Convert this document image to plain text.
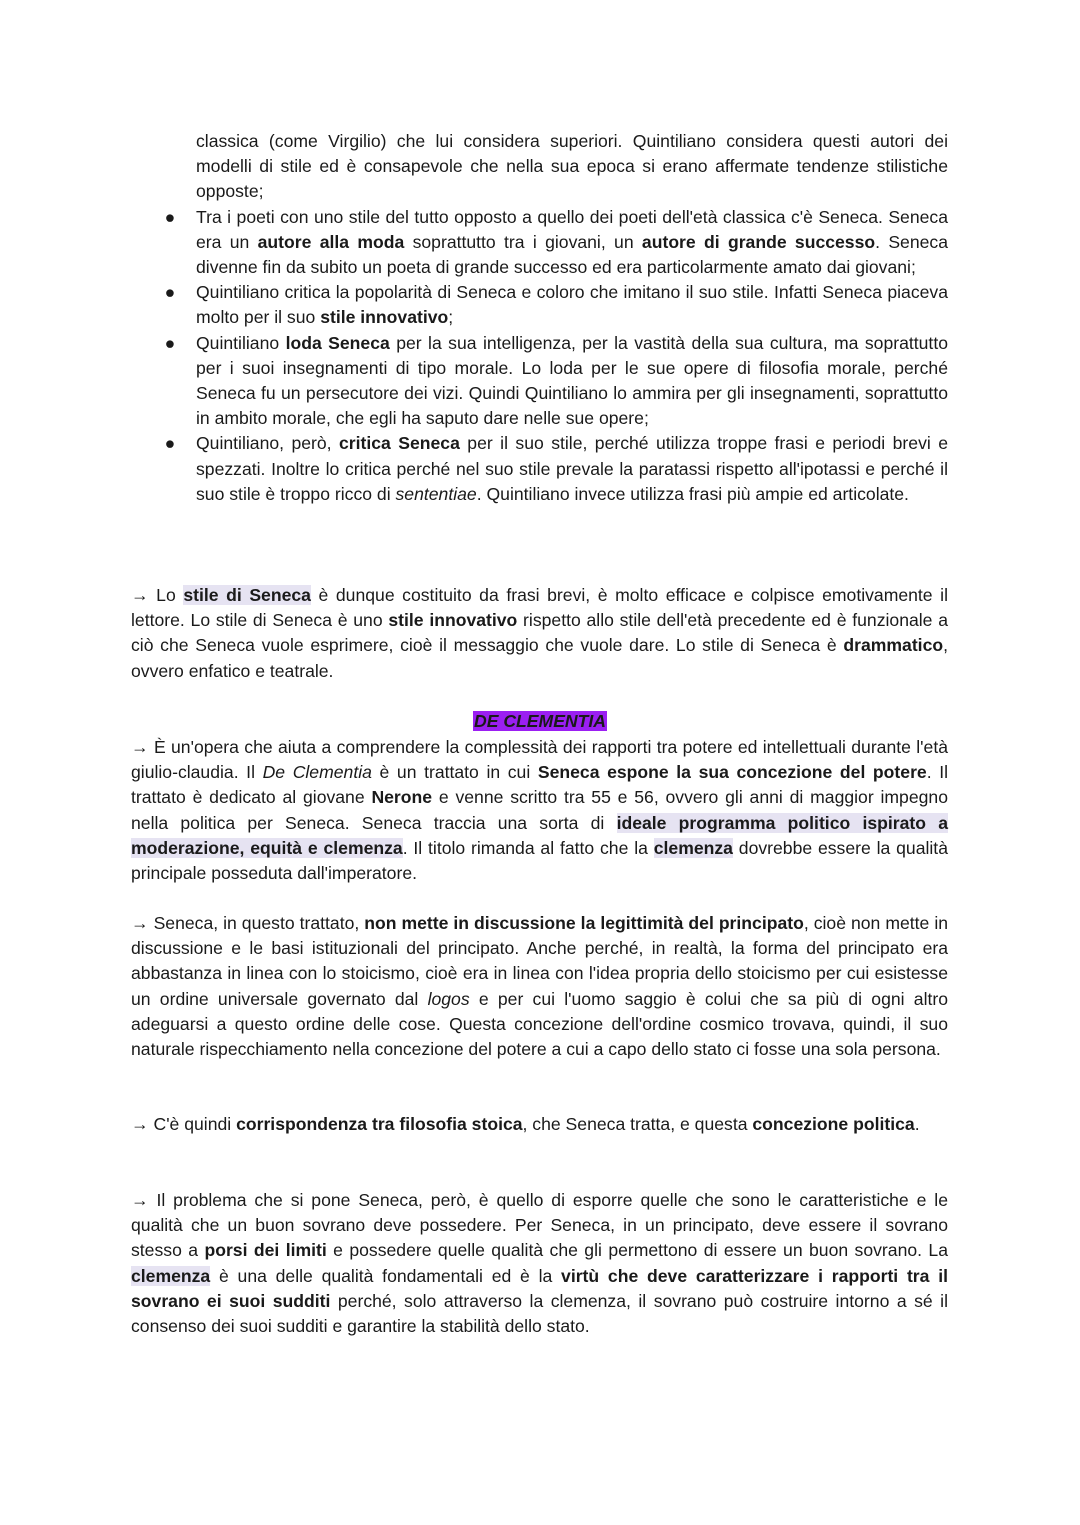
classica (come Virgilio) che lui considera superiori. Quintiliano considera questi autori dei modelli di stile ed è consapevole che nella sua epoca si erano affermate tendenze stilistiche opposte;
● Tra i poeti con uno stile del tutto opposto a quello dei poeti dell'età classica c'è Seneca. Seneca era un autore alla moda soprattutto tra i giovani, un autore di grande successo. Seneca divenne fin da subito un poeta di grande successo ed era particolarmente amato dai giovani;
● Quintiliano critica la popolarità di Seneca e coloro che imitano il suo stile. Infatti Seneca piaceva molto per il suo stile innovativo;
● Quintiliano loda Seneca per la sua intelligenza, per la vastità della sua cultura, ma soprattutto per i suoi insegnamenti di tipo morale. Lo loda per le sue opere di filosofia morale, perché Seneca fu un persecutore dei vizi. Quindi Quintiliano lo ammira per gli insegnamenti, soprattutto in ambito morale, che egli ha saputo dare nelle sue opere;
● Quintiliano, però, critica Seneca per il suo stile, perché utilizza troppe frasi e periodi brevi e spezzati. Inoltre lo critica perché nel suo stile prevale la paratassi rispetto all'ipotassi e perché il suo stile è troppo ricco di sententiae. Quintiliano invece utilizza frasi più ampie ed articolate.

→ Lo stile di Seneca è dunque costituito da frasi brevi, è molto efficace e colpisce emotivamente il lettore. Lo stile di Seneca è uno stile innovativo rispetto allo stile dell'età precedente ed è funzionale a ciò che Seneca vuole esprimere, cioè il messaggio che vuole dare. Lo stile di Seneca è drammatico, ovvero enfatico e teatrale.

DE CLEMENTIA

→ È un'opera che aiuta a comprendere la complessità dei rapporti tra potere ed intellettuali durante l'età giulio-claudia. Il De Clementia è un trattato in cui Seneca espone la sua concezione del potere. Il trattato è dedicato al giovane Nerone e venne scritto tra 55 e 56, ovvero gli anni di maggior impegno nella politica per Seneca. Seneca traccia una sorta di ideale programma politico ispirato a moderazione, equità e clemenza. Il titolo rimanda al fatto che la clemenza dovrebbe essere la qualità principale posseduta dall'imperatore.

→ Seneca, in questo trattato, non mette in discussione la legittimità del principato, cioè non mette in discussione e le basi istituzionali del principato. Anche perché, in realtà, la forma del principato era abbastanza in linea con lo stoicismo, cioè era in linea con l'idea propria dello stoicismo per cui esistesse un ordine universale governato dal logos e per cui l'uomo saggio è colui che sa più di ogni altro adeguarsi a questo ordine delle cose. Questa concezione dell'ordine cosmico trovava, quindi, il suo naturale rispecchiamento nella concezione del potere a cui a capo dello stato ci fosse una sola persona.

→ C'è quindi corrispondenza tra filosofia stoica, che Seneca tratta, e questa concezione politica.

→ Il problema che si pone Seneca, però, è quello di esporre quelle che sono le caratteristiche e le qualità che un buon sovrano deve possedere. Per Seneca, in un principato, deve essere il sovrano stesso a porsi dei limiti e possedere quelle qualità che gli permettono di essere un buon sovrano. La clemenza è una delle qualità fondamentali ed è la virtù che deve caratterizzare i rapporti tra il sovrano ei suoi sudditi perché, solo attraverso la clemenza, il sovrano può costruire intorno a sé il consenso dei suoi sudditi e garantire la stabilità dello stato.
